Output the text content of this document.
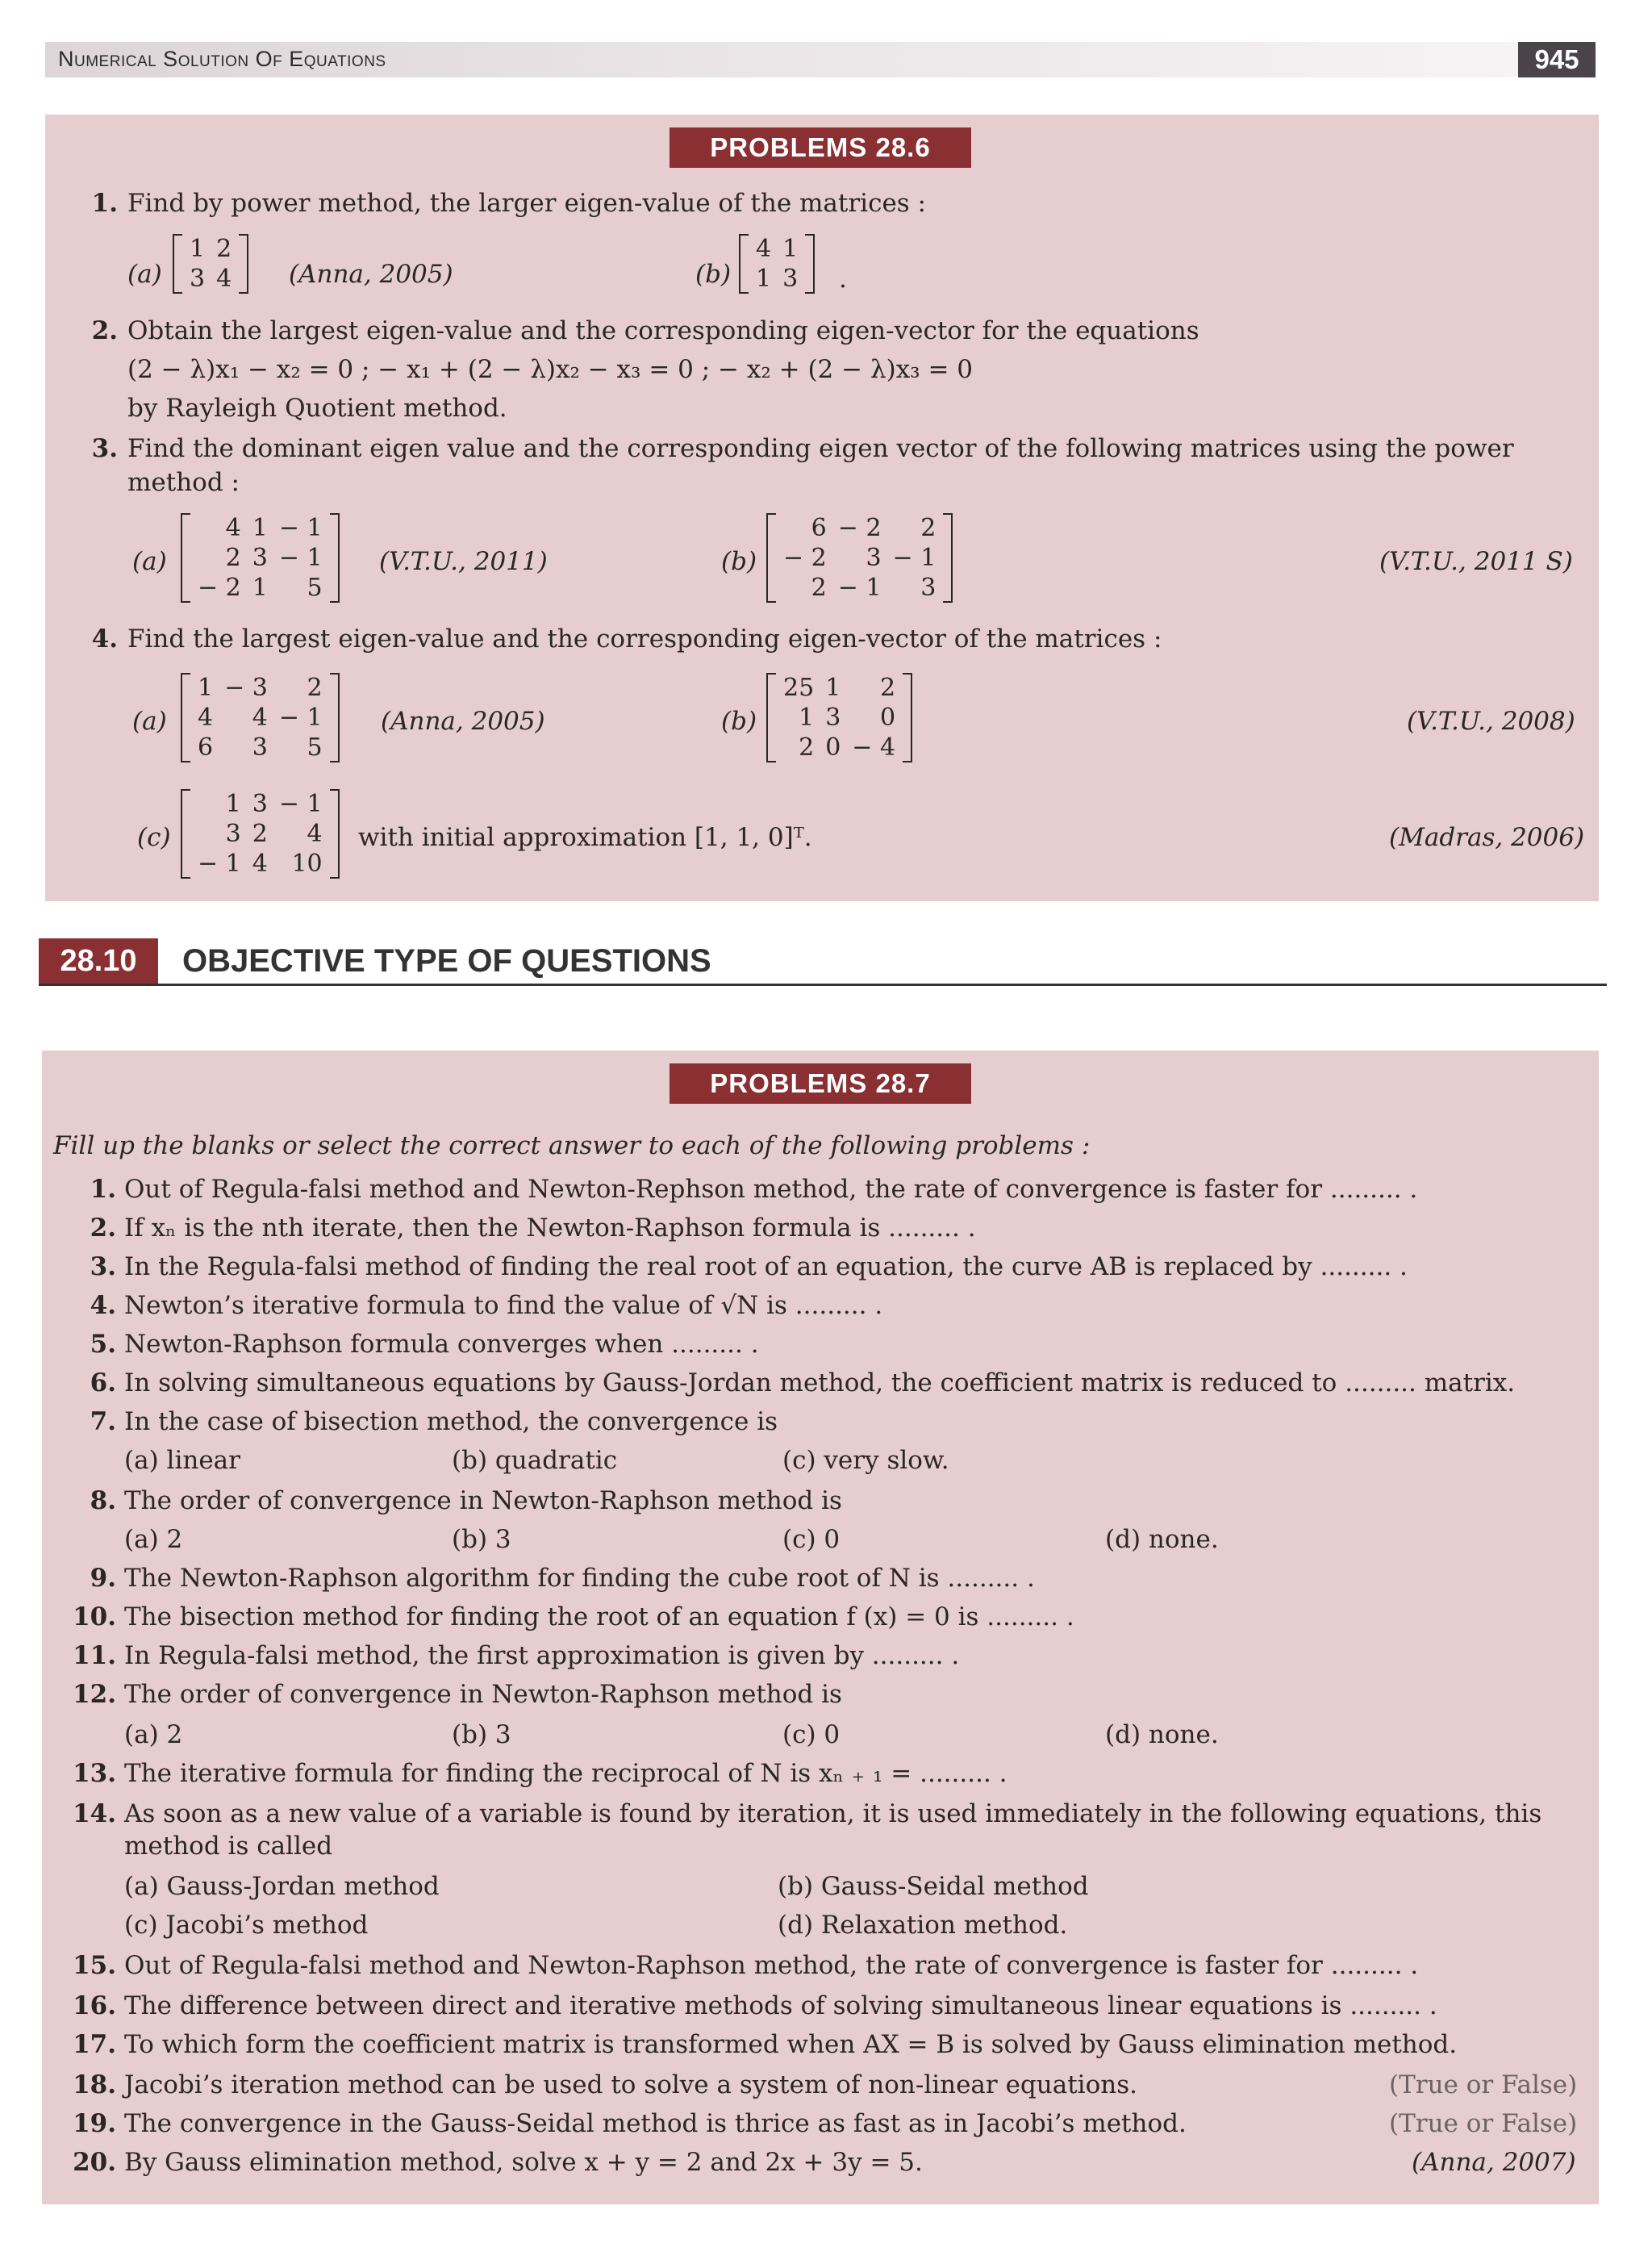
Numerical Solution Of Equations	945
PROBLEMS 28.6
1. Find by power method, the larger eigen-value of the matrices :
(a)
1	2
3	4 (Anna, 2005)	(b)
4	1
1	3 .
2. Obtain the largest eigen-value and the corresponding eigen-vector for the equations
(2 − λ)x₁ − x₂ = 0 ; − x₁ + (2 − λ)x₂ − x₃ = 0 ; − x₂ + (2 − λ)x₃ = 0
by Rayleigh Quotient method.
3. Find the dominant eigen value and the corresponding eigen vector of the following matrices using the power
method :
(a)
4	1	− 1
2	3	− 1
− 2	1	5
(V.T.U., 2011)	(b)
6	− 2	2
− 2	3	− 1
2	− 1	3
(V.T.U., 2011 S)
4. Find the largest eigen-value and the corresponding eigen-vector of the matrices :
(a)
1	− 3	2
4	4	− 1
6	3	5
(Anna, 2005)	(b)
25	1	2
1	3	0
2	0	− 4
(V.T.U., 2008)
(c)
1	3	− 1
3	2	4
− 1	4	10
with initial approximation [1, 1, 0]ᵀ.	(Madras, 2006)
28.10	OBJECTIVE TYPE OF QUESTIONS
PROBLEMS 28.7
Fill up the blanks or select the correct answer to each of the following problems :
1. Out of Regula-falsi method and Newton-Rephson method, the rate of convergence is faster for ......... .
2. If xₙ is the nth iterate, then the Newton-Raphson formula is ......... .
3. In the Regula-falsi method of finding the real root of an equation, the curve AB is replaced by ......... .
4. Newton’s iterative formula to find the value of √N is ......... .
5. Newton-Raphson formula converges when ......... .
6. In solving simultaneous equations by Gauss-Jordan method, the coefficient matrix is reduced to ......... matrix.
7. In the case of bisection method, the convergence is
(a) linear	(b) quadratic	(c) very slow.
8. The order of convergence in Newton-Raphson method is
(a) 2	(b) 3	(c) 0	(d) none.
9. The Newton-Raphson algorithm for finding the cube root of N is ......... .
10. The bisection method for finding the root of an equation f (x) = 0 is ......... .
11. In Regula-falsi method, the first approximation is given by ......... .
12. The order of convergence in Newton-Raphson method is
(a) 2	(b) 3	(c) 0	(d) none.
13. The iterative formula for finding the reciprocal of N is xₙ ₊ ₁ = ......... .
14. As soon as a new value of a variable is found by iteration, it is used immediately in the following equations, this
method is called
(a) Gauss-Jordan method	(b) Gauss-Seidal method
(c) Jacobi’s method	(d) Relaxation method.
15. Out of Regula-falsi method and Newton-Raphson method, the rate of convergence is faster for ......... .
16. The difference between direct and iterative methods of solving simultaneous linear equations is ......... .
17. To which form the coefficient matrix is transformed when AX = B is solved by Gauss elimination method.
18. Jacobi’s iteration method can be used to solve a system of non-linear equations.	(True or False)
19. The convergence in the Gauss-Seidal method is thrice as fast as in Jacobi’s method.	(True or False)
20. By Gauss elimination method, solve x + y = 2 and 2x + 3y = 5.	(Anna, 2007)
